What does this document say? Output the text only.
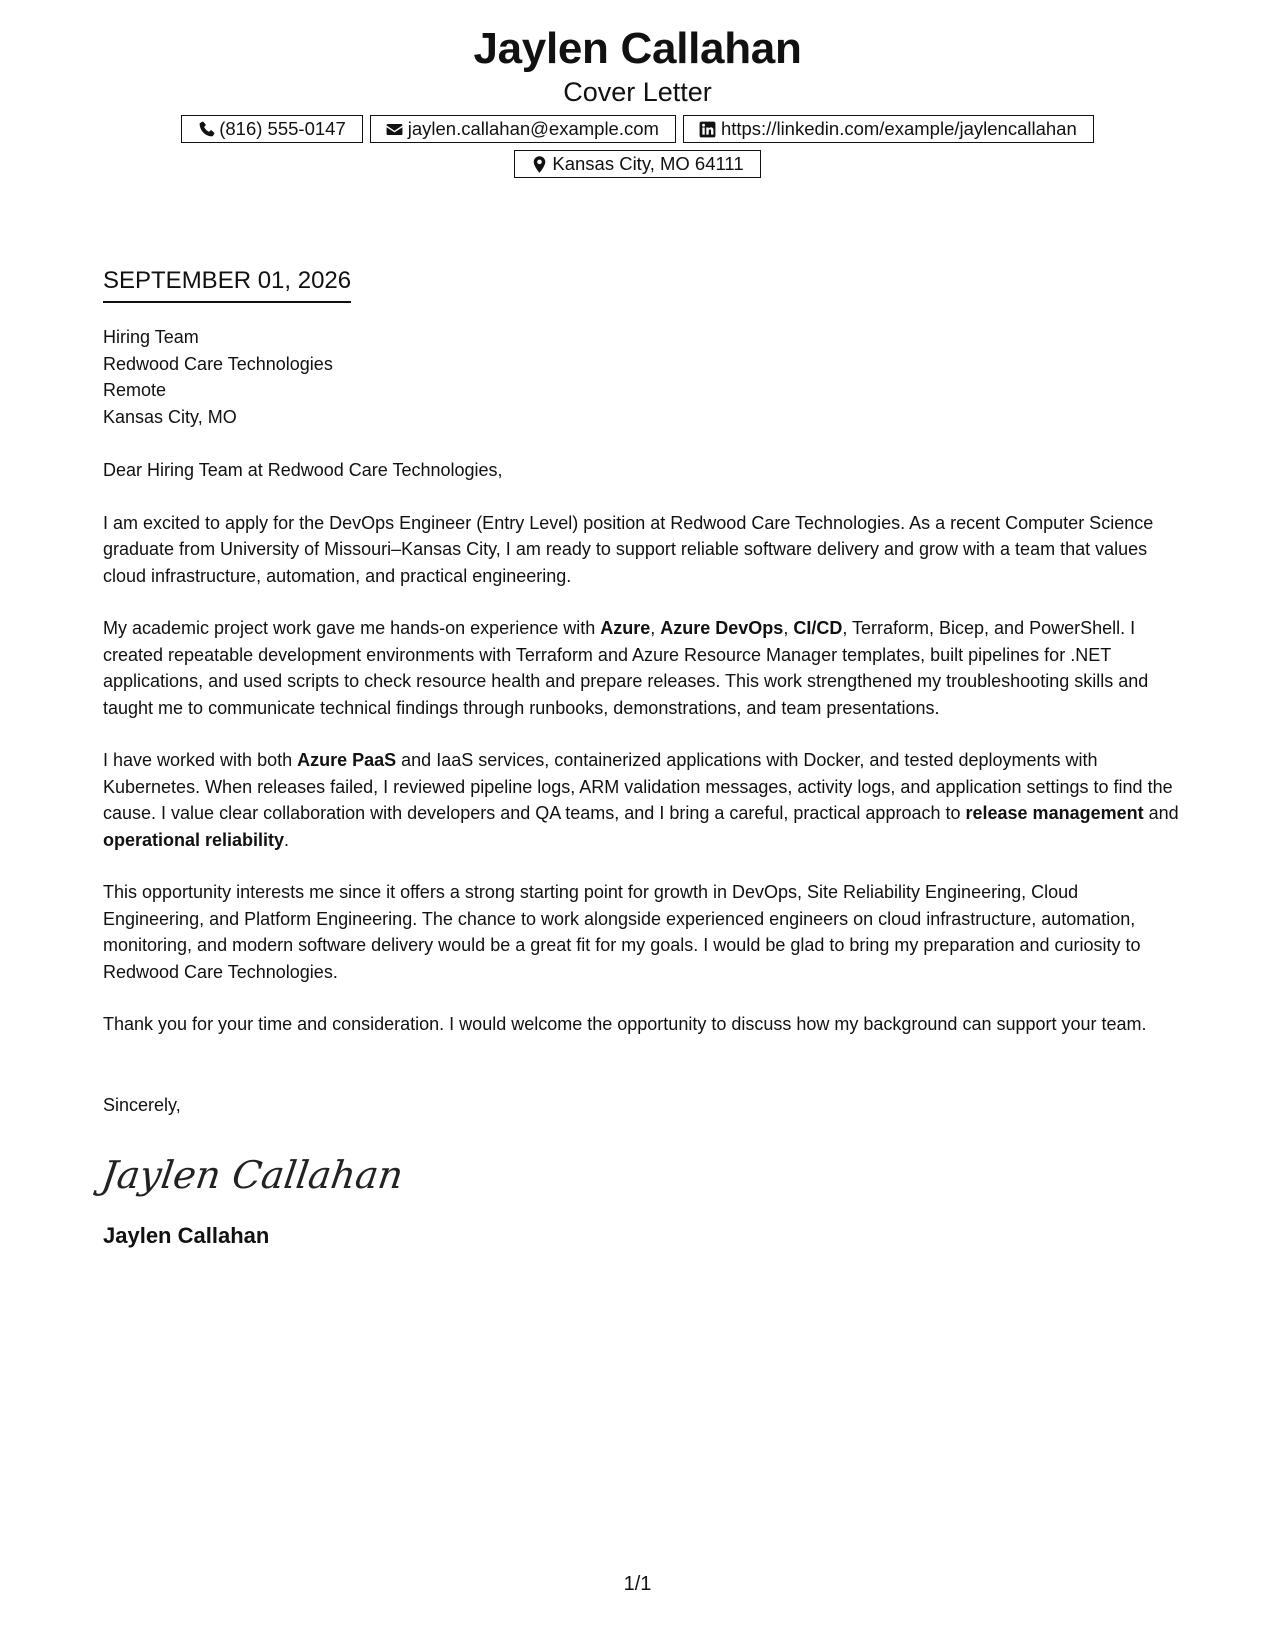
Jaylen Callahan
Cover Letter
(816) 555-0147	jaylen.callahan@example.com	https://linkedin.com/example/jaylencallahan
Kansas City, MO 64111
SEPTEMBER 01, 2026
Hiring Team
Redwood Care Technologies
Remote
Kansas City, MO
Dear Hiring Team at Redwood Care Technologies,
I am excited to apply for the DevOps Engineer (Entry Level) position at Redwood Care Technologies. As a recent Computer Science graduate from University of Missouri–Kansas City, I am ready to support reliable software delivery and grow with a team that values cloud infrastructure, automation, and practical engineering.
My academic project work gave me hands-on experience with Azure, Azure DevOps, CI/CD, Terraform, Bicep, and PowerShell. I created repeatable development environments with Terraform and Azure Resource Manager templates, built pipelines for .NET applications, and used scripts to check resource health and prepare releases. This work strengthened my troubleshooting skills and taught me to communicate technical findings through runbooks, demonstrations, and team presentations.
I have worked with both Azure PaaS and IaaS services, containerized applications with Docker, and tested deployments with Kubernetes. When releases failed, I reviewed pipeline logs, ARM validation messages, activity logs, and application settings to find the cause. I value clear collaboration with developers and QA teams, and I bring a careful, practical approach to release management and operational reliability.
This opportunity interests me since it offers a strong starting point for growth in DevOps, Site Reliability Engineering, Cloud Engineering, and Platform Engineering. The chance to work alongside experienced engineers on cloud infrastructure, automation, monitoring, and modern software delivery would be a great fit for my goals. I would be glad to bring my preparation and curiosity to Redwood Care Technologies.
Thank you for your time and consideration. I would welcome the opportunity to discuss how my background can support your team.
Sincerely,
Jaylen Callahan
Jaylen Callahan
1/1
